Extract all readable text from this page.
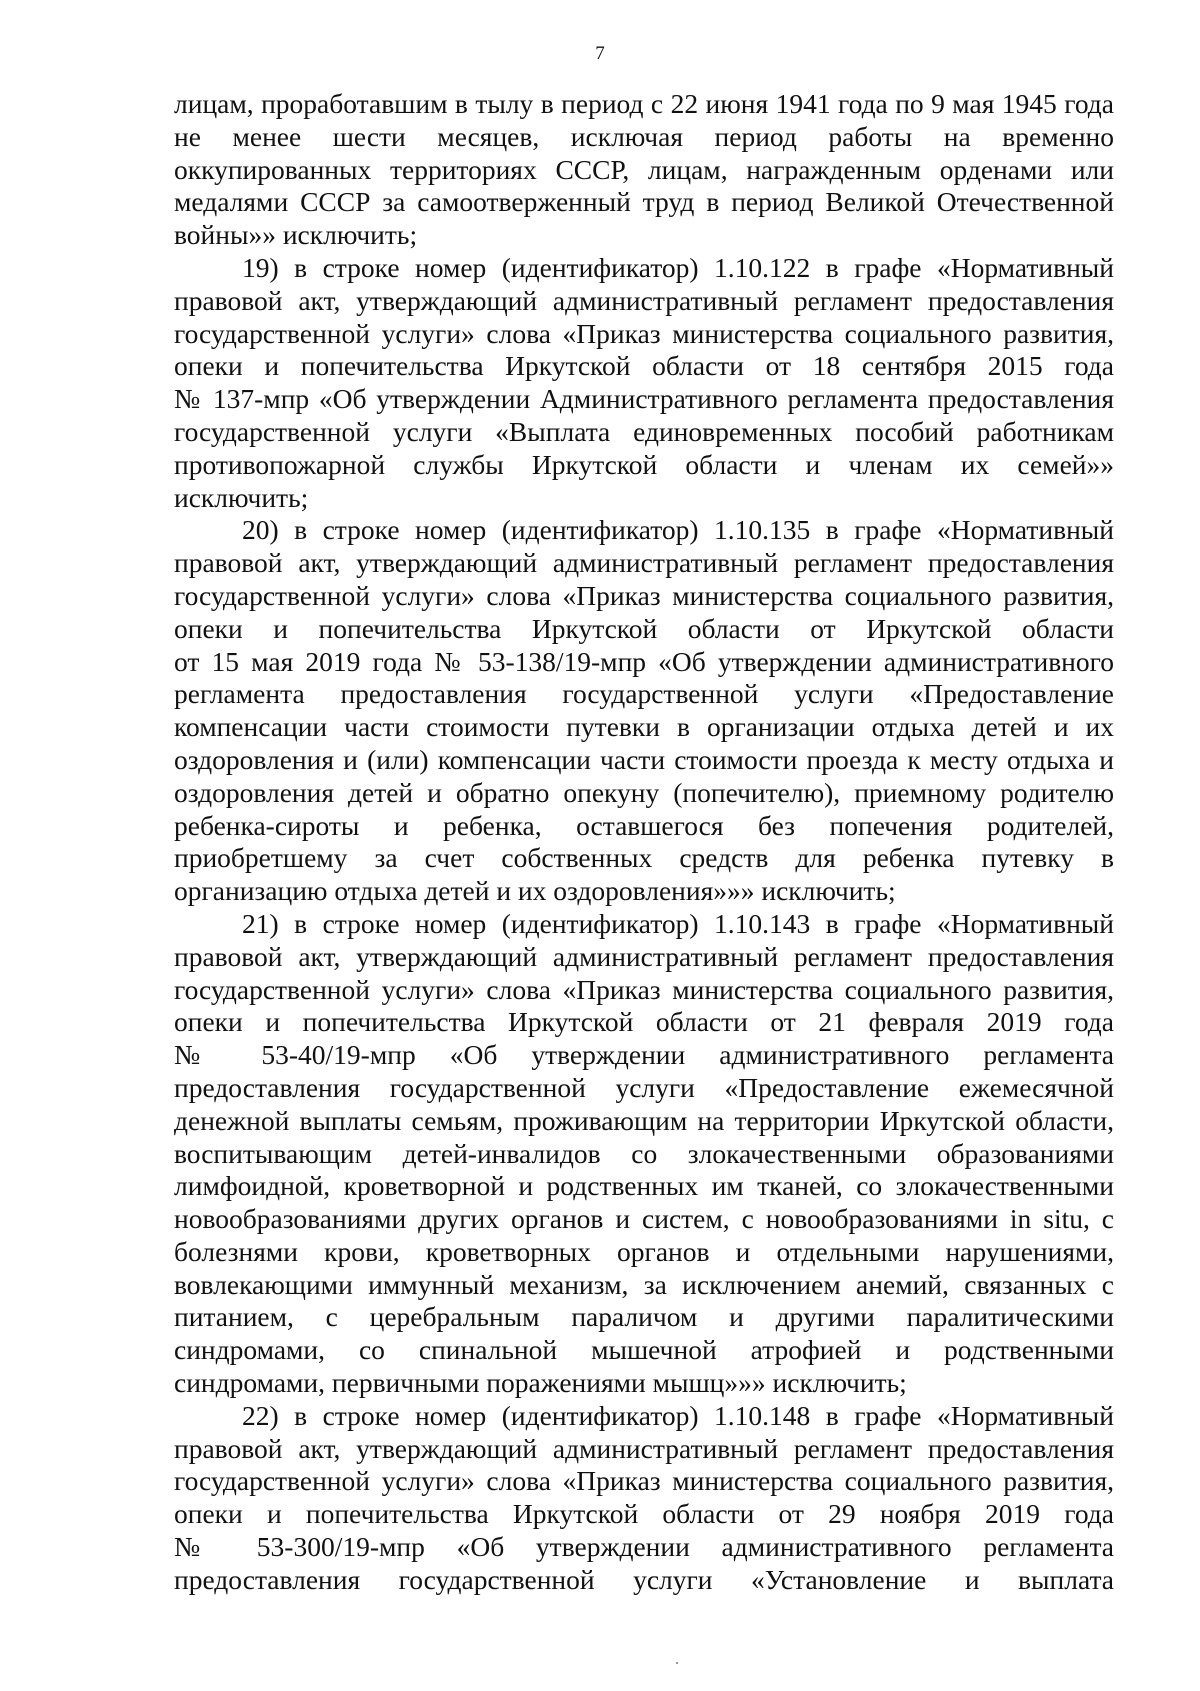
7
лицам, проработавшим в тылу в период с 22 июня 1941 года по 9 мая 1945 года
не менее шести месяцев, исключая период работы на временно
оккупированных территориях СССР, лицам, награжденным орденами или
медалями СССР за самоотверженный труд в период Великой Отечественной
войны»» исключить;
19) в строке номер (идентификатор) 1.10.122 в графе «Нормативный
правовой акт, утверждающий административный регламент предоставления
государственной услуги» слова «Приказ министерства социального развития,
опеки и попечительства Иркутской области от 18 сентября 2015 года
№ 137-мпр «Об утверждении Административного регламента предоставления
государственной услуги «Выплата единовременных пособий работникам
противопожарной службы Иркутской области и членам их семей»»
исключить;
20) в строке номер (идентификатор) 1.10.135 в графе «Нормативный
правовой акт, утверждающий административный регламент предоставления
государственной услуги» слова «Приказ министерства социального развития,
опеки и попечительства Иркутской области от Иркутской области
от 15 мая 2019 года № 53-138/19-мпр «Об утверждении административного
регламента предоставления государственной услуги «Предоставление
компенсации части стоимости путевки в организации отдыха детей и их
оздоровления и (или) компенсации части стоимости проезда к месту отдыха и
оздоровления детей и обратно опекуну (попечителю), приемному родителю
ребенка-сироты и ребенка, оставшегося без попечения родителей,
приобретшему за счет собственных средств для ребенка путевку в
организацию отдыха детей и их оздоровления»»» исключить;
21) в строке номер (идентификатор) 1.10.143 в графе «Нормативный
правовой акт, утверждающий административный регламент предоставления
государственной услуги» слова «Приказ министерства социального развития,
опеки и попечительства Иркутской области от 21 февраля 2019 года
№ 53-40/19-мпр «Об утверждении административного регламента
предоставления государственной услуги «Предоставление ежемесячной
денежной выплаты семьям, проживающим на территории Иркутской области,
воспитывающим детей-инвалидов со злокачественными образованиями
лимфоидной, кроветворной и родственных им тканей, со злокачественными
новообразованиями других органов и систем, с новообразованиями in situ, с
болезнями крови, кроветворных органов и отдельными нарушениями,
вовлекающими иммунный механизм, за исключением анемий, связанных с
питанием, с церебральным параличом и другими паралитическими
синдромами, со спинальной мышечной атрофией и родственными
синдромами, первичными поражениями мышц»»» исключить;
22) в строке номер (идентификатор) 1.10.148 в графе «Нормативный
правовой акт, утверждающий административный регламент предоставления
государственной услуги» слова «Приказ министерства социального развития,
опеки и попечительства Иркутской области от 29 ноября 2019 года
№ 53-300/19-мпр «Об утверждении административного регламента
предоставления государственной услуги «Установление и выплата
